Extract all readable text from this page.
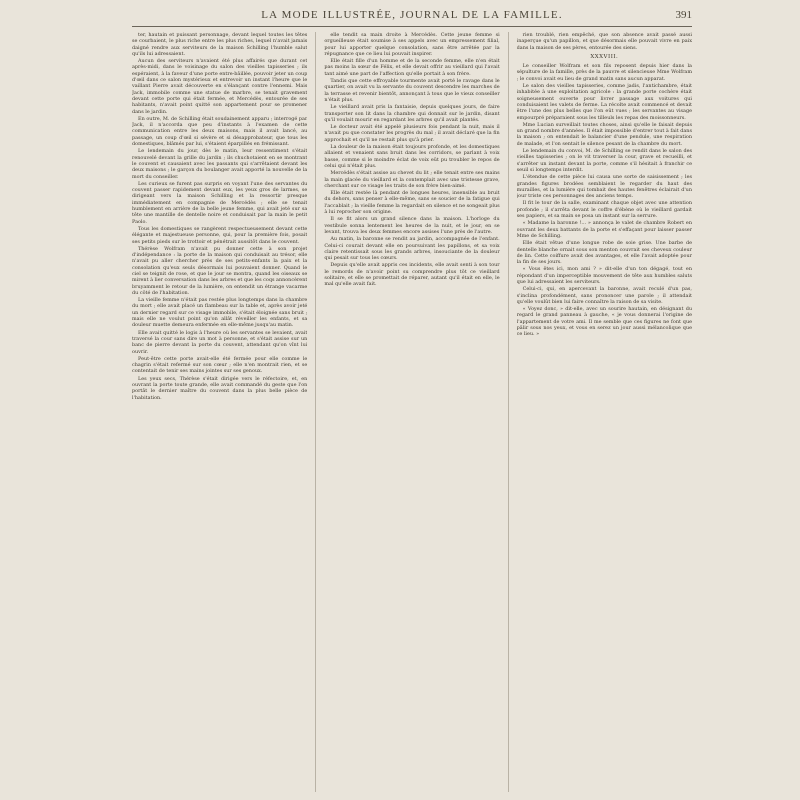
LA MODE ILLUSTRÉE, JOURNAL DE LA FAMILLE.	391

ter, hautain et puissant personnage, devant lequel toutes les têtes se courbaient, le plus riche entre les plus riches, lequel n'avait jamais daigné rendre aux serviteurs de la maison Schilling l'humble salut qu'ils lui adressaient.

Aucun des serviteurs n'avaient été plus affairés que durant cet après-midi, dans le voisinage du salon des vieilles tapisseries ; ils espéraient, à la faveur d'une porte entre-bâillée, pouvoir jeter un coup d'œil dans ce salon mystérieux et entrevoir un instant l'heure que le vaillant Pierre avait découverte en s'élançant contre l'ennemi. Mais Jack, immobile comme une statue de marbre, se tenait gravement devant cette porte qui était fermée, et Mercédès, entourée de ses habitants, n'avait point quitté son appartement pour se promener dans le jardin.

En outre, M. de Schilling était soudainement apparu ; interrogé par Jack, il n'accorda que peu d'instants à l'examen de cette communication entre les deux maisons, mais il avait lancé, au passage, un coup d'œil si sévère et si désapprobateur, que tous les domestiques, blâmés par lui, s'étaient éparpillés en frémissant.

Le lendemain du jour, dès le matin, leur ressentiment s'était renouvelé devant la grille du jardin ; ils chuchotaient en se montrant le couvent et causaient avec les passants qui s'arrêtaient devant les deux maisons ; le garçon du boulanger avait apporté la nouvelle de la mort du conseiller.

Les curieux se furent pas surpris en voyant l'une des servantes du couvent passer rapidement devant eux, les yeux gros de larmes, se dirigeant vers la maison Schilling et la ressortir presque immédiatement en compagnie de Mercédès ; elle se tenait humblement en arrière de la belle jeune femme, qui avait jeté sur sa tête une mantille de dentelle noire et conduisait par la main le petit Paolo.

Tous les domestiques se rangèrent respectueusement devant cette élégante et majestueuse personne, qui, pour la première fois, posait ses petits pieds sur le trottoir et pénétrait aussitôt dans le couvent.

Thérèse Wolfram n'avait pu donner cette à son projet d'indépendance : la porte de la maison qui conduisait au trésor, elle n'avait pu aller chercher près de ses petits-enfants la paix et la consolation qu'eux seuls désormais lui pouvaient donner. Quand le ciel se teignit de rose, et que le jour se montra, quand les oiseaux se mirent à lier conversation dans les arbres et que les coqs annoncèrent bruyamment le retour de la lumière, on entendit un étrange vacarme du côté de l'habitation.

La vieille femme n'était pas restée plus longtemps dans la chambre du mort ; elle avait placé un flambeau sur la table et, après avoir jeté un dernier regard sur ce visage immobile, s'était éloignée sans bruit ; mais elle ne voulut point qu'on allât réveiller les enfants, et sa douleur muette demeura enfermée en elle-même jusqu'au matin.

Elle avait quitté le logis à l'heure où les servantes se levaient, avait traversé la cour sans dire un mot à personne, et s'était assise sur un banc de pierre devant la porte du couvent, attendant qu'on vînt lui ouvrir.

Peut-être cette porte avait-elle été fermée pour elle comme le chagrin s'était refermé sur son cœur ; elle n'en montrait rien, et se contentait de tenir ses mains jointes sur ses genoux.

Les yeux secs, Thérèse s'était dirigée vers le réfectoire, et, en ouvrant la porte toute grande, elle avait commandé du geste que l'on portât le dernier maître du couvent dans la plus belle pièce de l'habitation.

elle tendit sa main droite à Mercédès. Cette jeune femme si orgueilleuse était soumise à ses appels avec un empressement filial, pour lui apporter quelque consolation, sans être arrêtée par la répugnance que ce lieu lui pouvait inspirer.

Elle était fille d'un homme et de la seconde femme, elle n'en était pas moins la sœur de Félix, et elle devait offrir au vieillard qui l'avait tant aimé une part de l'affection qu'elle portait à son frère.

Tandis que cette effroyable tourmente avait porté le ravage dans le quartier, on avait vu la servante du couvent descendre les marches de la terrasse et revenir bientôt, annonçant à tous que le vieux conseiller n'était plus.

Le vieillard avait pris la fantaisie, depuis quelques jours, de faire transporter son lit dans la chambre qui donnait sur le jardin, disant qu'il voulait mourir en regardant les arbres qu'il avait plantés.

Le docteur avait été appelé plusieurs fois pendant la nuit, mais il n'avait pu que constater les progrès du mal ; il avait déclaré que la fin approchait et qu'il ne restait plus qu'à prier.

La douleur de la maison était toujours profonde, et les domestiques allaient et venaient sans bruit dans les corridors, se parlant à voix basse, comme si le moindre éclat de voix eût pu troubler le repos de celui qui n'était plus.

Mercédès s'était assise au chevet du lit ; elle tenait entre ses mains la main glacée du vieillard et la contemplait avec une tristesse grave, cherchant sur ce visage les traits de son frère bien-aimé.

Elle était restée là pendant de longues heures, insensible au bruit du dehors, sans penser à elle-même, sans se soucier de la fatigue qui l'accablait ; la vieille femme la regardait en silence et ne songeait plus à lui reprocher son origine.

Il se fit alors un grand silence dans la maison. L'horloge du vestibule sonna lentement les heures de la nuit, et le jour, en se levant, trouva les deux femmes encore assises l'une près de l'autre.

Au matin, la baronne se rendit au jardin, accompagnée de l'enfant. Celui-ci courait devant elle en poursuivant les papillons, et sa voix claire retentissait sous les grands arbres, insouciante de la douleur qui pesait sur tous les cœurs.

Depuis qu'elle avait appris ces incidents, elle avait senti à son tour le remords de n'avoir point su comprendre plus tôt ce vieillard solitaire, et elle se promettait de réparer, autant qu'il était en elle, le mal qu'elle avait fait.

rien troublé, rien empêché, que son absence avait passé aussi inaperçue qu'un papillon, et que désormais elle pouvait vivre en paix dans la maison de ses pères, entourée des siens.

XXXVIII.

Le conseiller Wolfram et son fils reposent depuis hier dans la sépulture de la famille, près de la pauvre et silencieuse Mme Wolfram ; le convoi avait eu lieu de grand matin sans aucun apparat.

Le salon des vieilles tapisseries, comme jadis, l'antichambre, était inhabitée à une exploitation agricole : la grande porte cochère était soigneusement ouverte pour livrer passage aux voitures qui conduisaient les valets de ferme. La récolte avait commencé et devait être l'une des plus belles que l'on eût vues ; les servantes au visage empourpré préparaient sous les tilleuls les repas des moissonneurs.

Mme Lucian surveillait toutes choses, ainsi qu'elle le faisait depuis un grand nombre d'années. Il était impossible d'entrer tout à fait dans la maison ; on entendait le balancier d'une pendule, une respiration de malade, et l'on sentait le silence pesant de la chambre du mort.

Le lendemain du convoi, M. de Schilling se rendit dans le salon des vieilles tapisseries ; on le vit traverser la cour, grave et recueilli, et s'arrêter un instant devant la porte, comme s'il hésitait à franchir ce seuil si longtemps interdit.

L'étendue de cette pièce lui causa une sorte de saisissement ; les grandes figures brodées semblaient le regarder du haut des murailles, et la lumière qui tombait des hautes fenêtres éclairait d'un jour triste ces personnages des anciens temps.

Il fit le tour de la salle, examinant chaque objet avec une attention profonde ; il s'arrêta devant le coffre d'ébène où le vieillard gardait ses papiers, et sa main se posa un instant sur la serrure.

« Madame la baronne !... » annonça le valet de chambre Robert en ouvrant les deux battants de la porte et s'effaçant pour laisser passer Mme de Schilling.

Elle était vêtue d'une longue robe de soie grise. Une barbe de dentelle blanche ornait sous son menton couvrait ses cheveux couleur de lin. Cette coiffure avait des avantages, et elle l'avait adoptée pour la fin de ses jours.

« Vous êtes ici, mon ami ? » dit-elle d'un ton dégagé, tout en répondant d'un imperceptible mouvement de tête aux humbles saluts que lui adressaient les serviteurs.

Celui-ci, qui, en apercevant la baronne, avait reculé d'un pas, s'inclina profondément, sans prononcer une parole ; il attendait qu'elle voulût bien lui faire connaître la raison de sa visite.

« Voyez donc, » dit-elle, avec un sourire hautain, en désignant du regard le grand panneau à gauche, « je vous donnerai l'origine de l'appartement de votre ami. Il me semble que ces figures ne font que pâlir sous nos yeux, et vous en serez un jour aussi mélancolique que ce lieu. »
